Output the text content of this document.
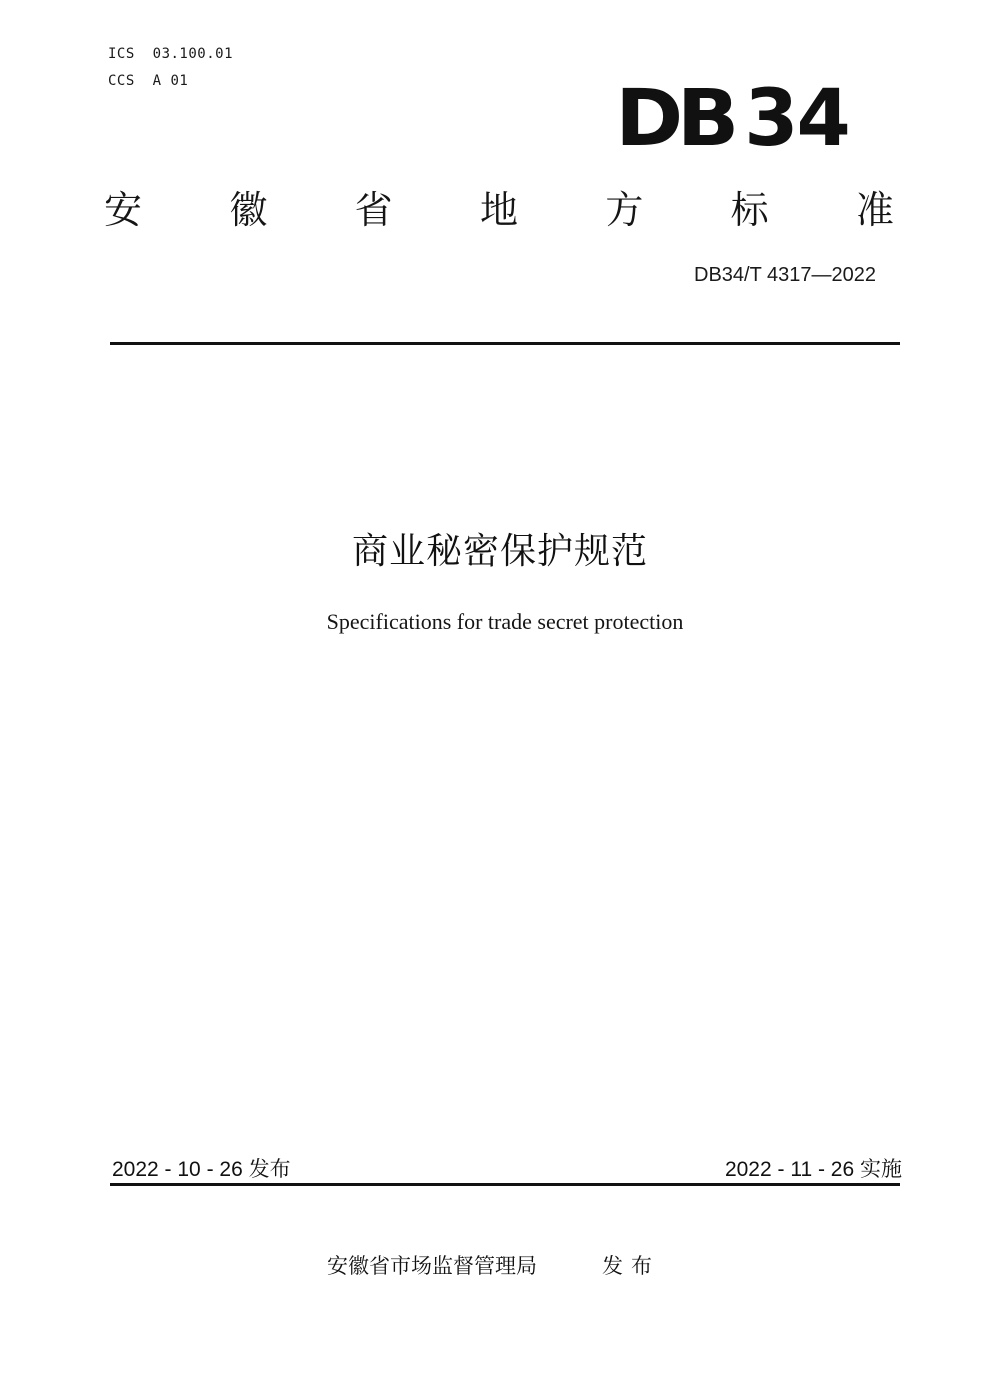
ICS  03.100.01
CCS  A 01	DB 34
安 徽 省 地 方 标 准
DB34/T 4317—2022
商业秘密保护规范
Specifications for trade secret protection
2022 - 10 - 26 发布	2022 - 11 - 26 实施
安徽省市场监督管理局	发布
